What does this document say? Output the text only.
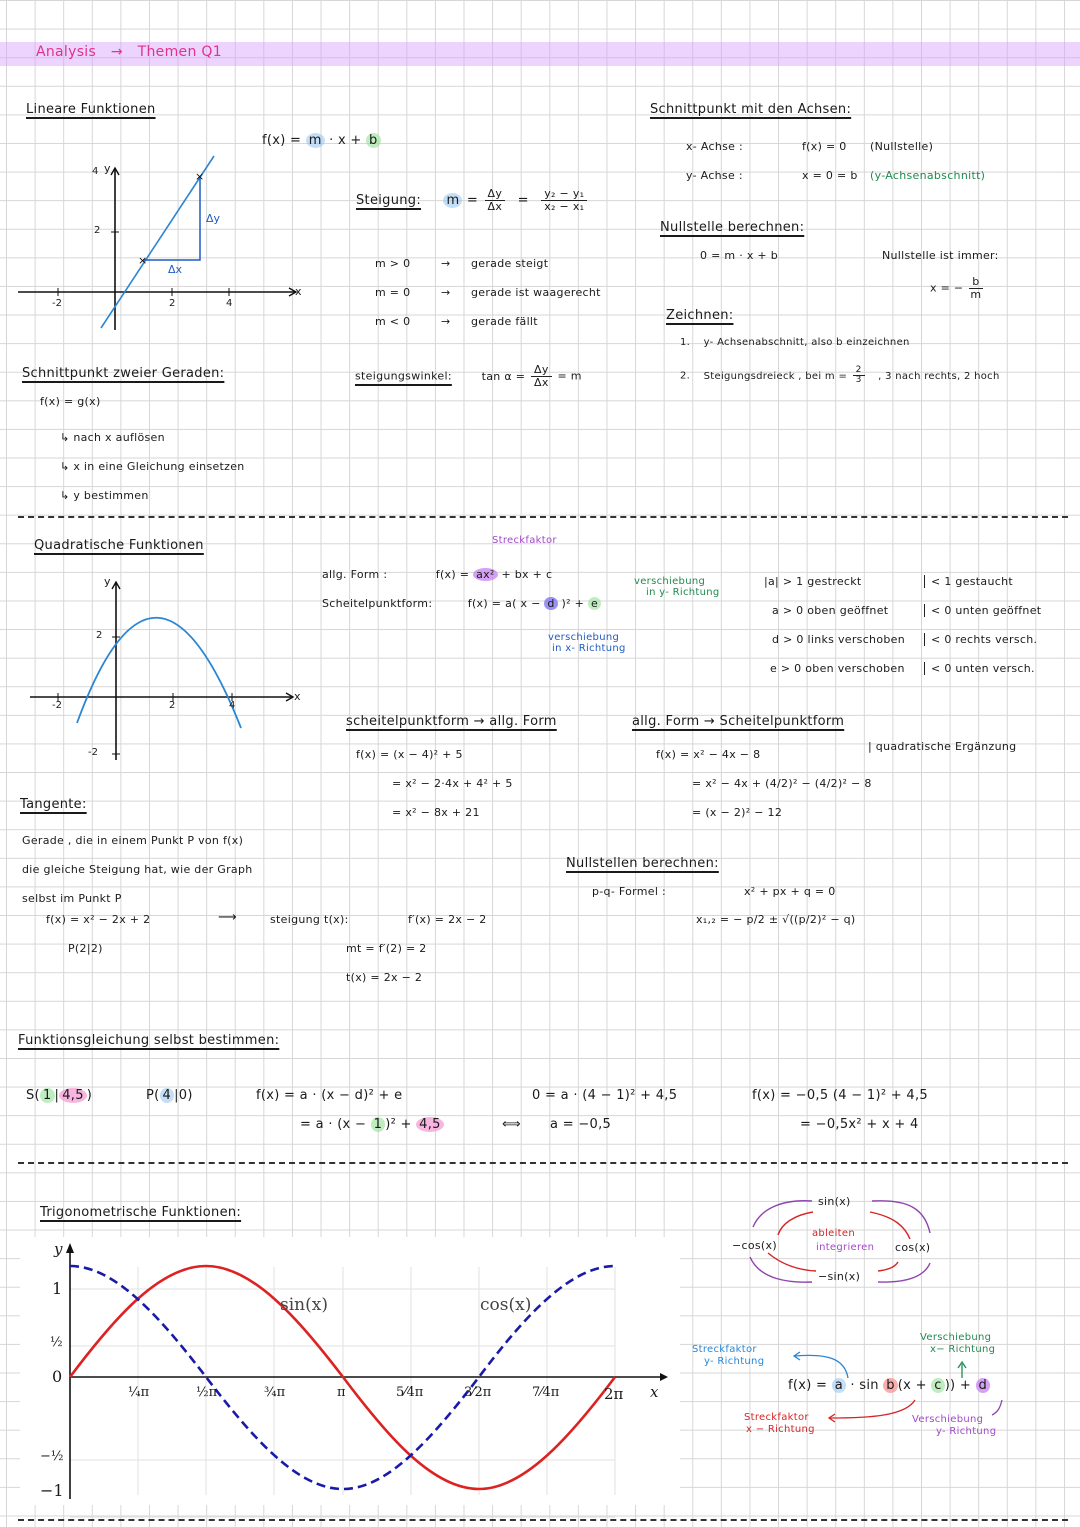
Analysis → Themen Q1
Lineare Funktionen
f(x) = m · x + b
×
×
-2	2	4
2
4 y
x
Δx
Δy
Steigung: $m = \frac{\Delta y}{\Delta x} = \frac{\text{y₂ − y₁}}{\text{x₂ − x₁}}$
m > 0	→ gerade steigt
m = 0	→ gerade ist waagerecht
m < 0	→ gerade fällt
steigungswinkel:	$\tan \alpha = \frac{\Delta y}{\Delta x} = m$
Schnittpunkt mit den Achsen:
x- Achse :	f(x) = 0 (Nullstelle)
y- Achse :	x = 0 = b (y-Achsenabschnitt)
Nullstelle berechnen:
0 = m · x + b	Nullstelle ist immer:
x = − $\frac{b}{m}$
Zeichnen:
1. y- Achsenabschnitt, also b einzeichnen
2. Steigungsdreieck , bei $m = \frac{2}{3}$ , 3 nach rechts, 2 hoch
Schnittpunkt zweier Geraden:
f(x) = g(x)
↳ nach x auflösen
↳ x in eine Gleichung einsetzen
↳ y bestimmen
Quadratische Funktionen
y
x
-2	2	4
2
-2
Streckfaktor
allg. Form :	f(x) = ax² + bx + c
Scheitelpunktform:	f(x) = a( x − d )² + e
verschiebung
in y- Richtung
verschiebung
in x- Richtung
|a| > 1 gestreckt	< 1 gestaucht
a > 0 oben geöffnet	< 0 unten geöffnet
d > 0 links verschoben < 0 rechts versch.
e > 0 oben verschoben < 0 unten versch.
scheitelpunktform → allg. Form
f(x) = (x − 4)² + 5
= x² − 2·4x + 4² + 5
= x² − 8x + 21
allg. Form → Scheitelpunktform
f(x) = x² − 4x − 8
= x² − 4x + (4/2)² − (4/2)² − 8
= (x − 2)² − 12
| quadratische Ergänzung
Tangente:
Gerade , die in einem Punkt P von f(x)
die gleiche Steigung hat, wie der Graph
selbst im Punkt P
f(x) = x² − 2x + 2
P(2|2)
⟶	steigung t(x):	f′(x) = 2x − 2
mt = f′(2) = 2
t(x) = 2x − 2
Nullstellen berechnen:
p-q- Formel :	x² + px + q = 0
x₁,₂ = − p/2 ± √((p/2)² − q)
Funktionsgleichung selbst bestimmen:
S( 1 | 4,5 )	P( 4 |0)	f(x) = a · (x − d)² + e
= a · (x − 1 )² + 4,5
0 = a · (4 − 1)² + 4,5
⟺ a = −0,5
f(x) = −0,5 (4 − 1)² + 4,5
= −0,5x² + x + 4
Trigonometrische Funktionen:
y
x
1
½
0
−½
−1
¼π	½π	¾π	π	5⁄4π	3⁄2π	7⁄4π	2π
sin(x)	cos(x)
sin(x)
cos(x)
−sin(x)
−cos(x)
ableiten
integrieren
f(x) = a · sin b (x + c )) + d
Streckfaktor
y- Richtung
Streckfaktor
x − Richtung
Verschiebung
x− Richtung
Verschiebung
y- Richtung
